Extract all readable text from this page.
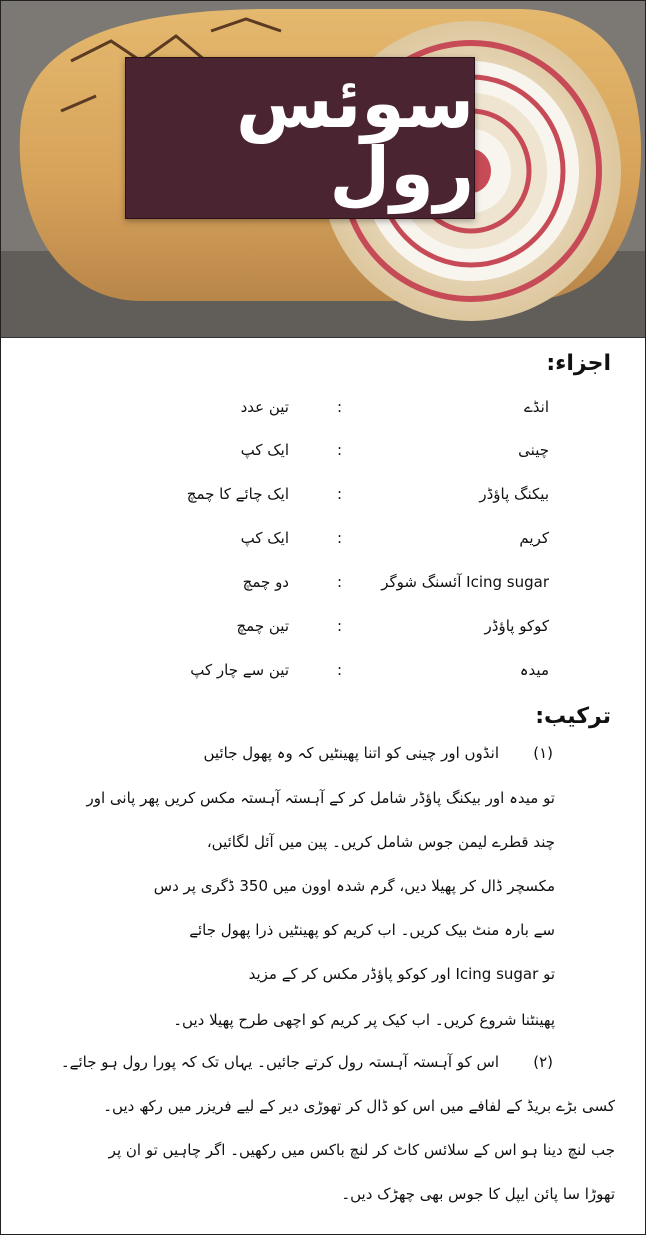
سوئس رول
اجزاء:
انڈے
:
تین عدد
چینی
:
ایک کپ
بیکنگ پاؤڈر
:
ایک چائے کا چمچ
کریم
:
ایک کپ
Icing sugar آئسنگ شوگر
:
دو چمچ
کوکو پاؤڈر
:
تین چمچ
میدہ
:
تین سے چار کپ
ترکیب:
(۱)
انڈوں اور چینی کو اتنا پھینٹیں کہ وہ پھول جائیں
تو میدہ اور بیکنگ پاؤڈر شامل کر کے آہستہ آہستہ مکس کریں پھر پانی اور
چند قطرے لیمن جوس شامل کریں۔ پین میں آئل لگائیں،
مکسچر ڈال کر پھیلا دیں، گرم شدہ اوون میں 350 ڈگری پر دس
سے بارہ منٹ بیک کریں۔ اب کریم کو پھینٹیں ذرا پھول جائے
تو Icing sugar اور کوکو پاؤڈر مکس کر کے مزید
پھینٹنا شروع کریں۔ اب کیک پر کریم کو اچھی طرح پھیلا دیں۔
(۲)
اس کو آہستہ آہستہ رول کرتے جائیں۔ یہاں تک کہ پورا رول ہو جائے۔
کسی بڑے بریڈ کے لفافے میں اس کو ڈال کر تھوڑی دیر کے لیے فریزر میں رکھ دیں۔
جب لنچ دینا ہو اس کے سلائس کاٹ کر لنچ باکس میں رکھیں۔ اگر چاہیں تو ان پر
تھوڑا سا پائن ایپل کا جوس بھی چھڑک دیں۔
